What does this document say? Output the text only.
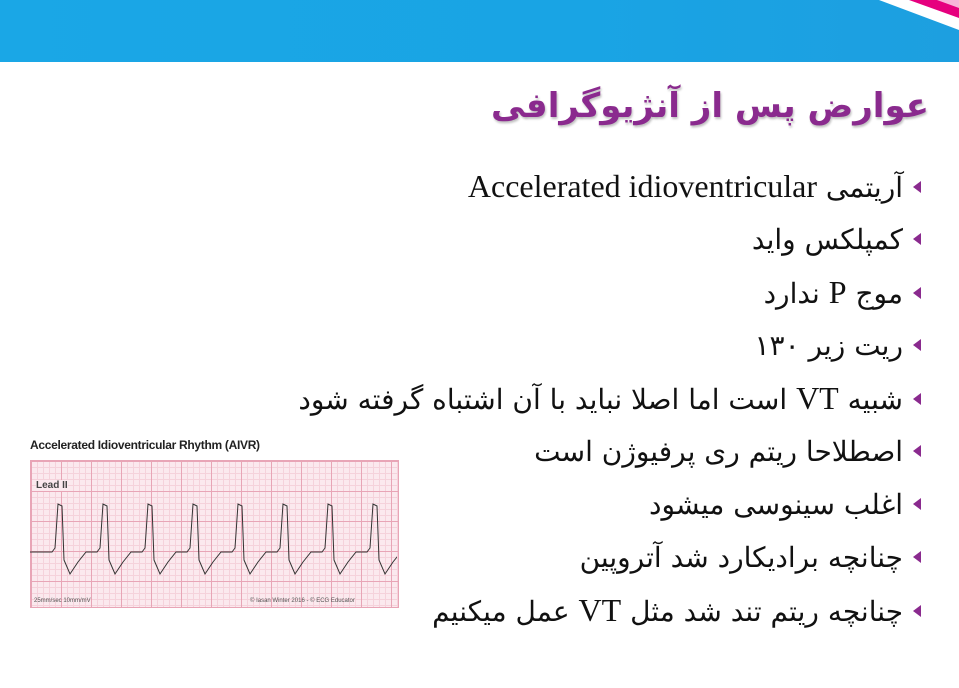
عوارض پس از آنژیوگرافی
آریتمی Accelerated idioventricular
کمپلکس واید
موج P ندارد
ریت زیر ۱۳۰
شبیه VT است اما اصلا نباید با آن اشتباه گرفته شود
اصطلاحا ریتم ری پرفیوژن است
اغلب سینوسی میشود
چنانچه برادیکارد شد آتروپین
چنانچه ریتم تند شد مثل VT عمل میکنیم
Accelerated Idioventricular Rhythm (AIVR)
Lead II
25mm/sec 10mm/mV	© Iasan Winter 2016 - © ECG Educator
